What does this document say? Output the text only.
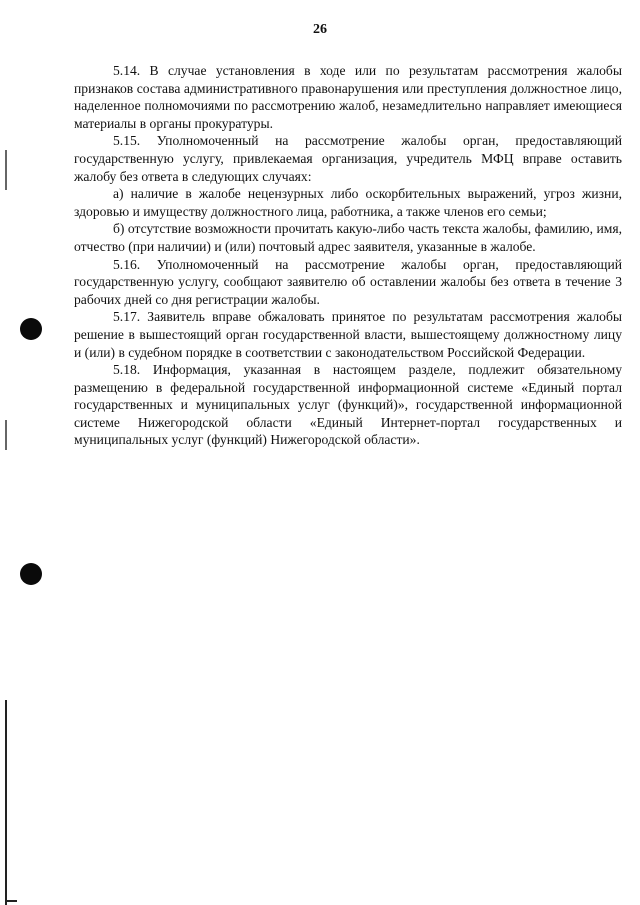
26

5.14. В случае установления в ходе или по результатам рассмотрения жалобы признаков состава административного правонарушения или преступления должностное лицо, наделенное полномочиями по рассмотрению жалоб, незамедлительно направляет имеющиеся материалы в органы прокуратуры.

5.15. Уполномоченный на рассмотрение жалобы орган, предоставляющий государственную услугу, привлекаемая организация, учредитель МФЦ вправе оставить жалобу без ответа в следующих случаях:

а) наличие в жалобе нецензурных либо оскорбительных выражений, угроз жизни, здоровью и имуществу должностного лица, работника, а также членов его семьи;

б) отсутствие возможности прочитать какую-либо часть текста жалобы, фамилию, имя, отчество (при наличии) и (или) почтовый адрес заявителя, указанные в жалобе.

5.16. Уполномоченный на рассмотрение жалобы орган, предоставляющий государственную услугу, сообщают заявителю об оставлении жалобы без ответа в течение 3 рабочих дней со дня регистрации жалобы.

5.17. Заявитель вправе обжаловать принятое по результатам рассмотрения жалобы решение в вышестоящий орган государственной власти, вышестоящему должностному лицу и (или) в судебном порядке в соответствии с законодательством Российской Федерации.

5.18. Информация, указанная в настоящем разделе, подлежит обязательному размещению в федеральной государственной информационной системе «Единый портал государственных и муниципальных услуг (функций)», государственной информационной системе Нижегородской области «Единый Интернет-портал государственных и муниципальных услуг (функций) Нижегородской области».
